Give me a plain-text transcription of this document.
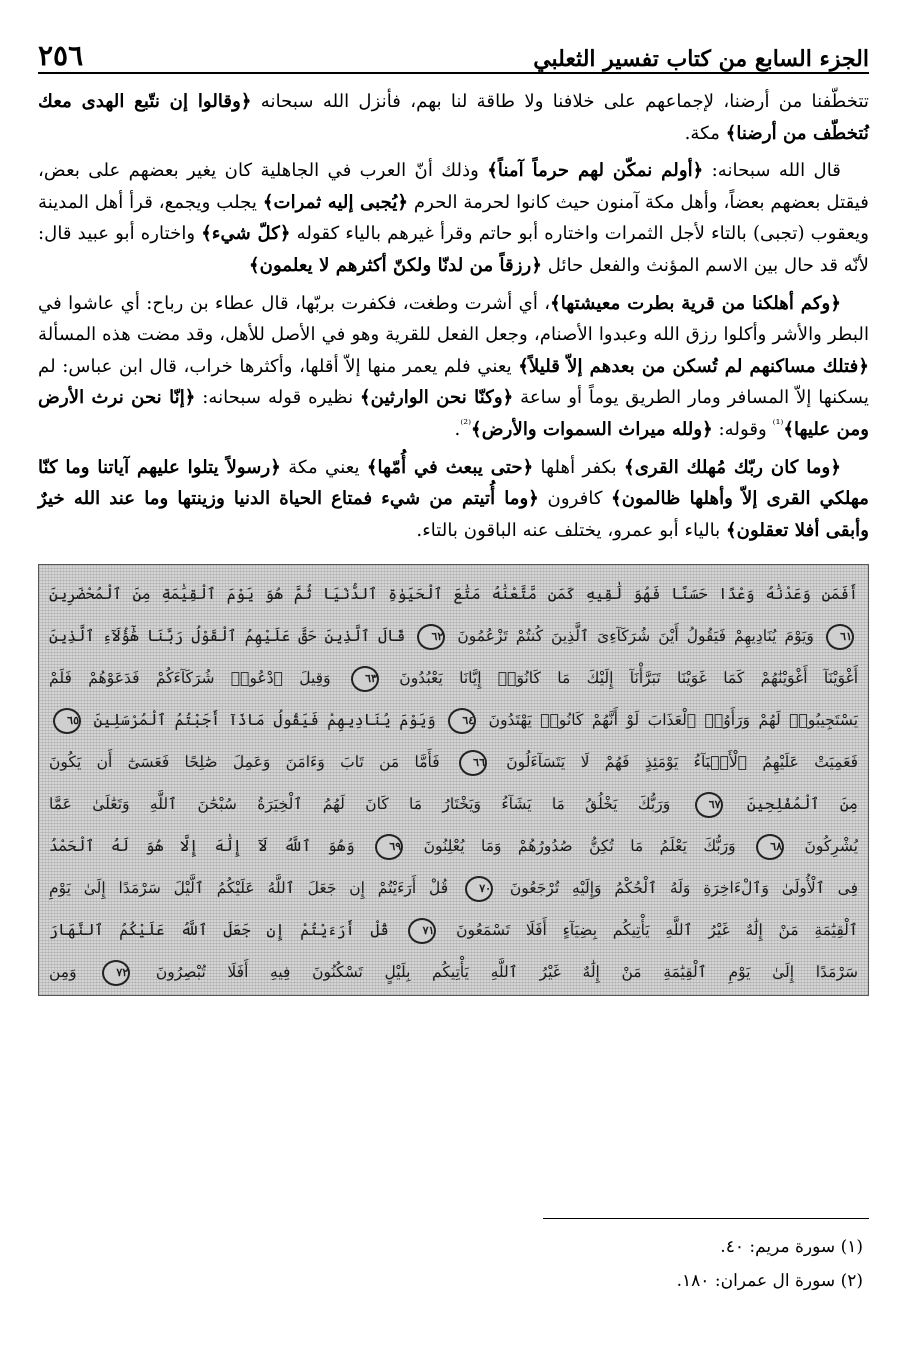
الجزء السابع من كتاب تفسير الثعلبي
٢٥٦

تتخطّفنا من أرضنا، لإجماعهم على خلافنا ولا طاقة لنا بهم، فأنزل الله سبحانه ﴿وقالوا إن نتّبع الهدى معك نُتخطّف من أرضنا﴾ مكة.

قال الله سبحانه: ﴿أولم نمكّن لهم حرماً آمناً﴾ وذلك أنّ العرب في الجاهلية كان يغير بعضهم على بعض، فيقتل بعضهم بعضاً، وأهل مكة آمنون حيث كانوا لحرمة الحرم ﴿يُجبى إليه ثمرات﴾ يجلب ويجمع، قرأ أهل المدينة ويعقوب (تجبى) بالتاء لأجل الثمرات واختاره أبو حاتم وقرأ غيرهم بالياء كقوله ﴿كلّ شيء﴾ واختاره أبو عبيد قال: لأنّه قد حال بين الاسم المؤنث والفعل حائل ﴿رزقاً من لدنّا ولكنّ أكثرهم لا يعلمون﴾

﴿وكم أهلكنا من قرية بطرت معيشتها﴾، أي أشرت وطغت، فكفرت بربّها، قال عطاء بن رباح: أي عاشوا في البطر والأشر وأكلوا رزق الله وعبدوا الأصنام، وجعل الفعل للقرية وهو في الأصل للأهل، وقد مضت هذه المسألة ﴿فتلك مساكنهم لم تُسكن من بعدهم إلاّ قليلاً﴾ يعني فلم يعمر منها إلاّ أقلها، وأكثرها خراب، قال ابن عباس: لم يسكنها إلاّ المسافر ومار الطريق يوماً أو ساعة ﴿وكنّا نحن الوارثين﴾ نظيره قوله سبحانه: ﴿إنّا نحن نرث الأرض ومن عليها﴾$^{^{(1)}}$ وقوله: ﴿ولله ميراث السموات والأرض﴾$^{^{(2)}}$.

﴿وما كان ربّك مُهلك القرى﴾ بكفر أهلها ﴿حتى يبعث في أُمّها﴾ يعني مكة ﴿رسولاً يتلوا عليهم آياتنا وما كنّا مهلكي القرى إلاّ وأهلها ظالمون﴾ كافرون ﴿وما أُتيتم من شيء فمتاع الحياة الدنيا وزينتها وما عند الله خيرٌ وأبقى أفلا تعقلون﴾ بالياء أبو عمرو، يختلف عنه الباقون بالتاء.

أَفَمَن وَعَدْنَٰهُ وَعْدًا حَسَنًا فَهُوَ لَٰقِيهِ كَمَن مَّتَّعْنَٰهُ مَتَٰعَ ٱلْحَيَوٰةِ ٱلدُّنْيَا ثُمَّ هُوَ يَوْمَ ٱلْقِيَٰمَةِ مِنَ ٱلْمُحْضَرِينَ
٦١ وَيَوْمَ يُنَادِيهِمْ فَيَقُولُ أَيْنَ شُرَكَآءِىَ ٱلَّذِينَ كُنتُمْ تَزْعُمُونَ ٦٢ قَالَ ٱلَّذِينَ حَقَّ عَلَيْهِمُ ٱلْقَوْلُ رَبَّنَا هَٰٓؤُلَآءِ ٱلَّذِينَ
أَغْوَيْنَآ أَغْوَيْنَٰهُمْ كَمَا غَوَيْنَا تَبَرَّأْنَآ إِلَيْكَ مَا كَانُوٓا۟ إِيَّانَا يَعْبُدُونَ ٦٣ وَقِيلَ ٱدْعُوا۟ شُرَكَآءَكُمْ فَدَعَوْهُمْ فَلَمْ
يَسْتَجِيبُوا۟ لَهُمْ وَرَأَوُا۟ ٱلْعَذَابَ لَوْ أَنَّهُمْ كَانُوا۟ يَهْتَدُونَ ٦٤ وَيَوْمَ يُنَادِيهِمْ فَيَقُولُ مَاذَآ أَجَبْتُمُ ٱلْمُرْسَلِينَ ٦٥
فَعَمِيَتْ عَلَيْهِمُ ٱلْأَنۢبَآءُ يَوْمَئِذٍ فَهُمْ لَا يَتَسَآءَلُونَ ٦٦ فَأَمَّا مَن تَابَ وَءَامَنَ وَعَمِلَ صَٰلِحًا فَعَسَىٰٓ أَن يَكُونَ
مِنَ ٱلْمُفْلِحِينَ ٦٧ وَرَبُّكَ يَخْلُقُ مَا يَشَآءُ وَيَخْتَارُ مَا كَانَ لَهُمُ ٱلْخِيَرَةُ سُبْحَٰنَ ٱللَّهِ وَتَعَٰلَىٰ عَمَّا
يُشْرِكُونَ ٦٨ وَرَبُّكَ يَعْلَمُ مَا تُكِنُّ صُدُورُهُمْ وَمَا يُعْلِنُونَ ٦٩ وَهُوَ ٱللَّهُ لَآ إِلَٰهَ إِلَّا هُوَ لَهُ ٱلْحَمْدُ
فِى ٱلْأُولَىٰ وَٱلْءَاخِرَةِ وَلَهُ ٱلْحُكْمُ وَإِلَيْهِ تُرْجَعُونَ ٧٠ قُلْ أَرَءَيْتُمْ إِن جَعَلَ ٱللَّهُ عَلَيْكُمُ ٱلَّيْلَ سَرْمَدًا إِلَىٰ يَوْمِ
ٱلْقِيَٰمَةِ مَنْ إِلَٰهٌ غَيْرُ ٱللَّهِ يَأْتِيكُم بِضِيَآءٍ أَفَلَا تَسْمَعُونَ ٧١ قُلْ أَرَءَيْتُمْ إِن جَعَلَ ٱللَّهُ عَلَيْكُمُ ٱلنَّهَارَ
سَرْمَدًا إِلَىٰ يَوْمِ ٱلْقِيَٰمَةِ مَنْ إِلَٰهٌ غَيْرُ ٱللَّهِ يَأْتِيكُم بِلَيْلٍ تَسْكُنُونَ فِيهِ أَفَلَا تُبْصِرُونَ ٧٢ وَمِن
(١) سورة مريم: ٤٠.
(٢) سورة ال عمران: ١٨٠.
